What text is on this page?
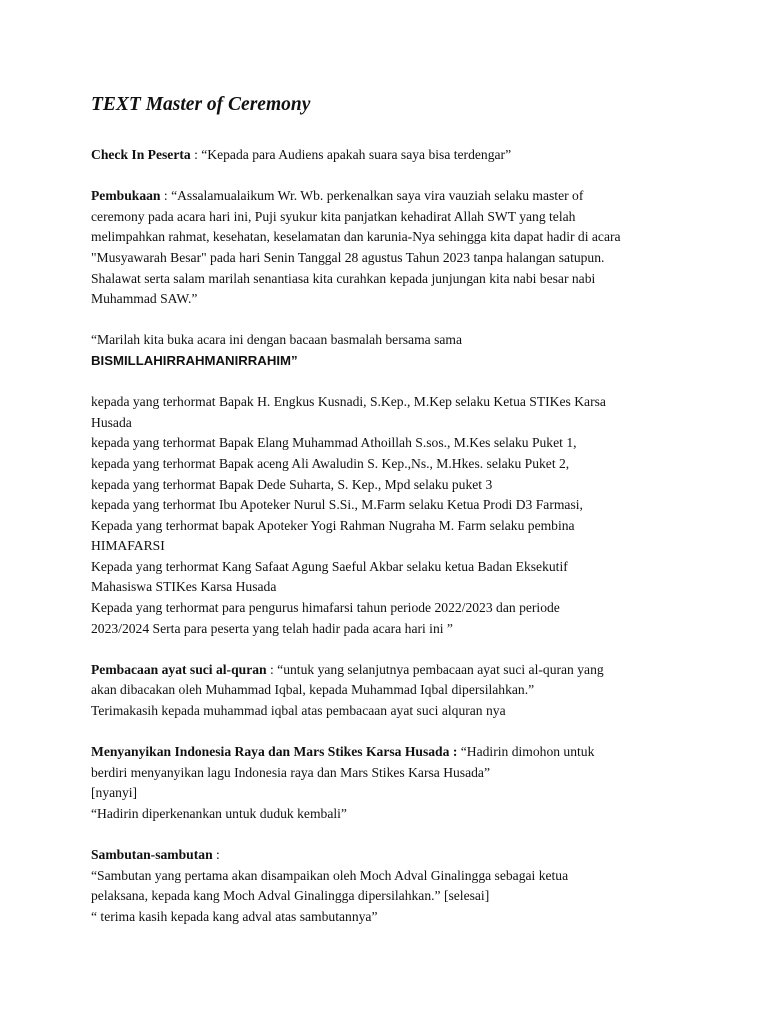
TEXT Master of Ceremony
Check In Peserta : “Kepada para Audiens apakah suara saya bisa terdengar”
Pembukaan : “Assalamualaikum Wr. Wb. perkenalkan saya vira vauziah selaku master of
ceremony pada acara hari ini, Puji syukur kita panjatkan kehadirat Allah SWT yang telah
melimpahkan rahmat, kesehatan, keselamatan dan karunia-Nya sehingga kita dapat hadir di acara
"Musyawarah Besar" pada hari Senin Tanggal 28 agustus Tahun 2023 tanpa halangan satupun.
Shalawat serta salam marilah senantiasa kita curahkan kepada junjungan kita nabi besar nabi
Muhammad SAW.”
“Marilah kita buka acara ini dengan bacaan basmalah bersama sama
BISMILLAHIRRAHMANIRRAHIM”
kepada yang terhormat Bapak H. Engkus Kusnadi, S.Kep., M.Kep selaku Ketua STIKes Karsa
Husada
kepada yang terhormat Bapak Elang Muhammad Athoillah S.sos., M.Kes selaku Puket 1,
kepada yang terhormat Bapak aceng Ali Awaludin S. Kep.,Ns., M.Hkes. selaku Puket 2,
kepada yang terhormat Bapak Dede Suharta, S. Kep., Mpd selaku puket 3
kepada yang terhormat Ibu Apoteker Nurul S.Si., M.Farm selaku Ketua Prodi D3 Farmasi,
Kepada yang terhormat bapak Apoteker Yogi Rahman Nugraha M. Farm selaku pembina
HIMAFARSI
Kepada yang terhormat Kang Safaat Agung Saeful Akbar selaku ketua Badan Eksekutif
Mahasiswa STIKes Karsa Husada
Kepada yang terhormat para pengurus himafarsi tahun periode 2022/2023 dan periode
2023/2024 Serta para peserta yang telah hadir pada acara hari ini ”
Pembacaan ayat suci al-quran : “untuk yang selanjutnya pembacaan ayat suci al-quran yang
akan dibacakan oleh Muhammad Iqbal, kepada Muhammad Iqbal dipersilahkan.”
Terimakasih kepada muhammad iqbal atas pembacaan ayat suci alquran nya
Menyanyikan Indonesia Raya dan Mars Stikes Karsa Husada : “Hadirin dimohon untuk
berdiri menyanyikan lagu Indonesia raya dan Mars Stikes Karsa Husada”
[nyanyi]
“Hadirin diperkenankan untuk duduk kembali”
Sambutan-sambutan :
“Sambutan yang pertama akan disampaikan oleh Moch Adval Ginalingga sebagai ketua
pelaksana, kepada kang Moch Adval Ginalingga dipersilahkan.” [selesai]
“ terima kasih kepada kang adval atas sambutannya”
